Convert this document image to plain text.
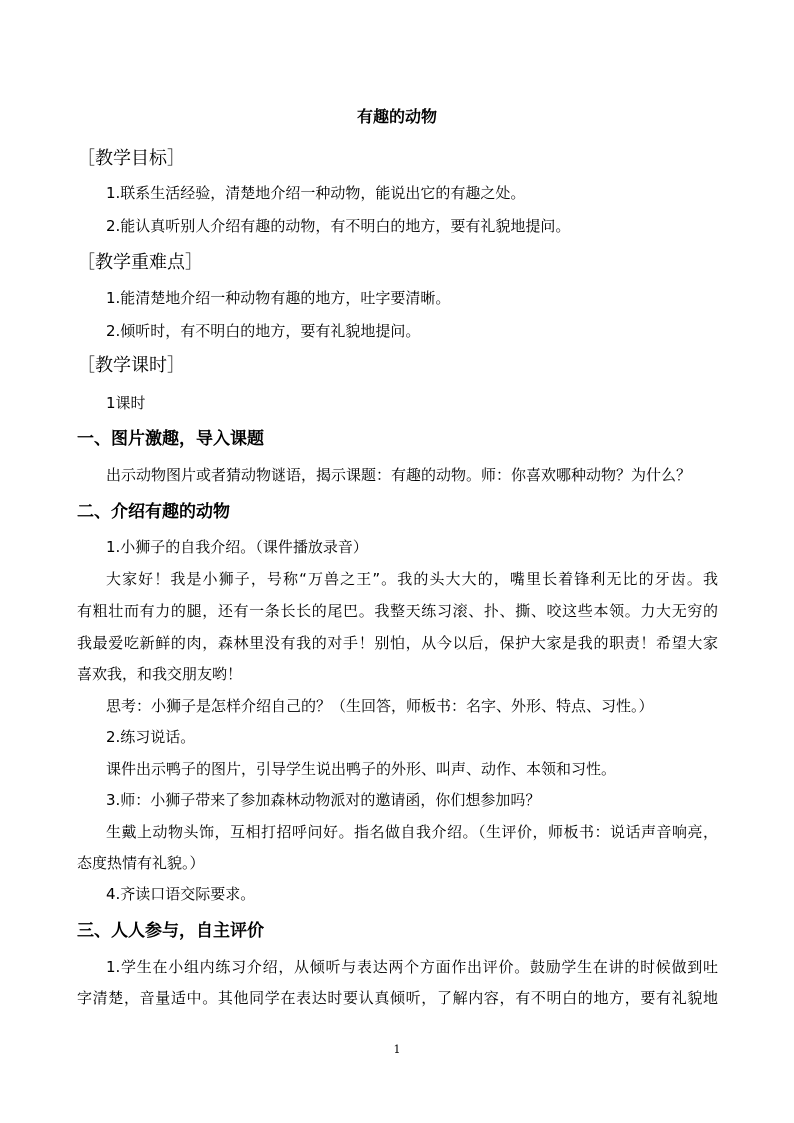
有趣的动物
［教学目标］
1.联系生活经验，清楚地介绍一种动物，能说出它的有趣之处。
2.能认真听别人介绍有趣的动物，有不明白的地方，要有礼貌地提问。
［教学重难点］
1.能清楚地介绍一种动物有趣的地方，吐字要清晰。
2.倾听时，有不明白的地方，要有礼貌地提问。
［教学课时］
1课时
一、图片激趣，导入课题
出示动物图片或者猜动物谜语，揭示课题：有趣的动物。师：你喜欢哪种动物？为什么？
二、介绍有趣的动物
1.小狮子的自我介绍。（课件播放录音）
大家好！我是小狮子，号称“万兽之王”。我的头大大的，嘴里长着锋利无比的牙齿。我
有粗壮而有力的腿，还有一条长长的尾巴。我整天练习滚、扑、撕、咬这些本领。力大无穷的
我最爱吃新鲜的肉，森林里没有我的对手！别怕，从今以后，保护大家是我的职责！希望大家
喜欢我，和我交朋友哟！
思考：小狮子是怎样介绍自己的？（生回答，师板书：名字、外形、特点、习性。）
2.练习说话。
课件出示鸭子的图片，引导学生说出鸭子的外形、叫声、动作、本领和习性。
3.师：小狮子带来了参加森林动物派对的邀请函，你们想参加吗？
生戴上动物头饰，互相打招呼问好。指名做自我介绍。（生评价，师板书：说话声音响亮，
态度热情有礼貌。）
4.齐读口语交际要求。
三、人人参与，自主评价
1.学生在小组内练习介绍，从倾听与表达两个方面作出评价。鼓励学生在讲的时候做到吐
字清楚，音量适中。其他同学在表达时要认真倾听，了解内容，有不明白的地方，要有礼貌地
1
